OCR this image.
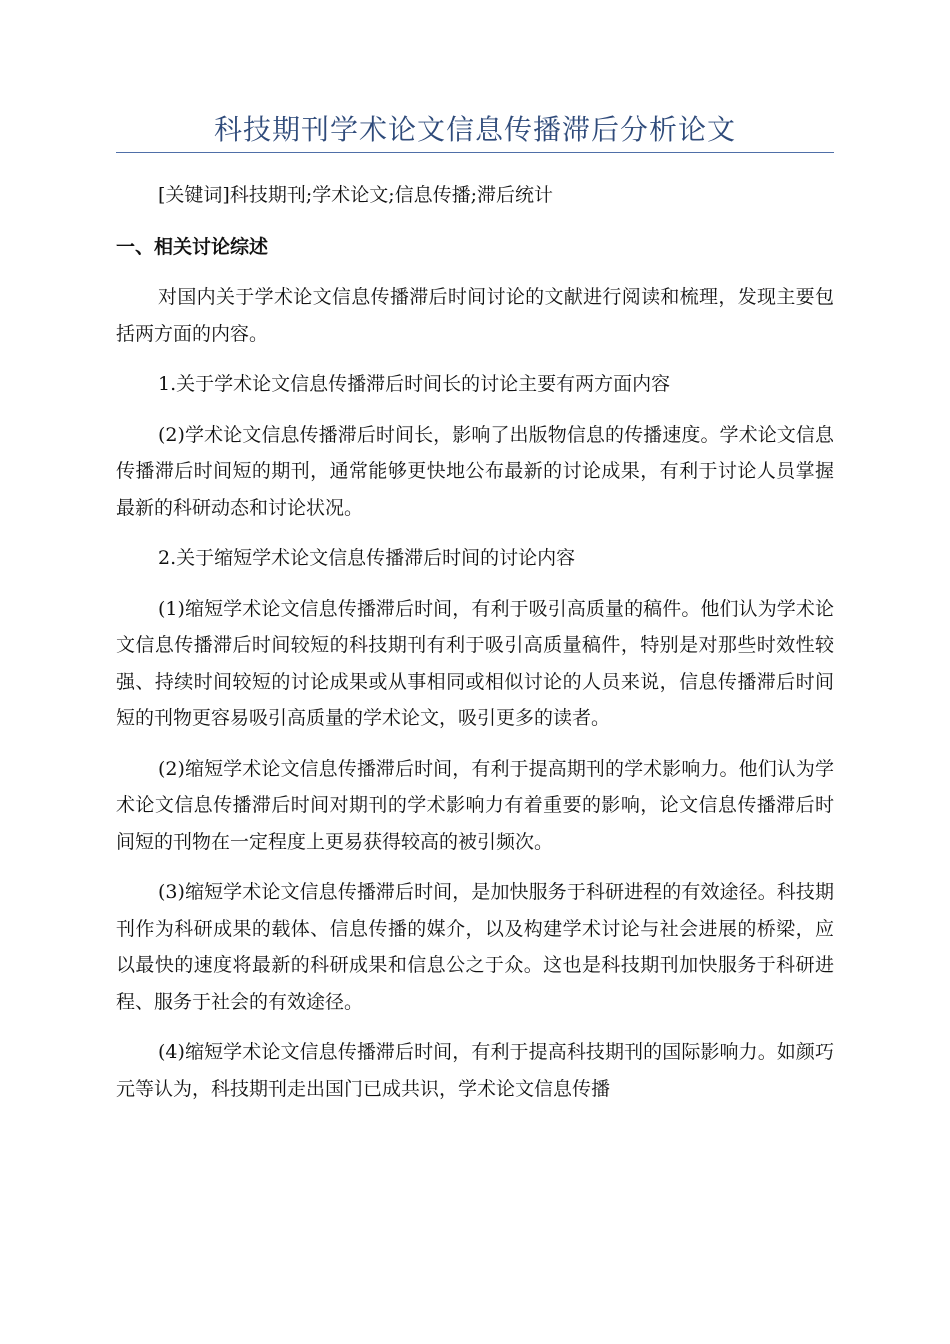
科技期刊学术论文信息传播滞后分析论文
[关键词]科技期刊;学术论文;信息传播;滞后统计
一、相关讨论综述

对国内关于学术论文信息传播滞后时间讨论的文献进行阅读和梳理，发现主要包括两方面的内容。

1.关于学术论文信息传播滞后时间长的讨论主要有两方面内容

(2)学术论文信息传播滞后时间长，影响了出版物信息的传播速度。学术论文信息传播滞后时间短的期刊，通常能够更快地公布最新的讨论成果，有利于讨论人员掌握最新的科研动态和讨论状况。

2.关于缩短学术论文信息传播滞后时间的讨论内容

(1)缩短学术论文信息传播滞后时间，有利于吸引高质量的稿件。他们认为学术论文信息传播滞后时间较短的科技期刊有利于吸引高质量稿件，特别是对那些时效性较强、持续时间较短的讨论成果或从事相同或相似讨论的人员来说，信息传播滞后时间短的刊物更容易吸引高质量的学术论文，吸引更多的读者。

(2)缩短学术论文信息传播滞后时间，有利于提高期刊的学术影响力。他们认为学术论文信息传播滞后时间对期刊的学术影响力有着重要的影响，论文信息传播滞后时间短的刊物在一定程度上更易获得较高的被引频次。

(3)缩短学术论文信息传播滞后时间，是加快服务于科研进程的有效途径。科技期刊作为科研成果的载体、信息传播的媒介，以及构建学术讨论与社会进展的桥梁，应以最快的速度将最新的科研成果和信息公之于众。这也是科技期刊加快服务于科研进程、服务于社会的有效途径。

(4)缩短学术论文信息传播滞后时间，有利于提高科技期刊的国际影响力。如颜巧元等认为，科技期刊走出国门已成共识，学术论文信息传播
